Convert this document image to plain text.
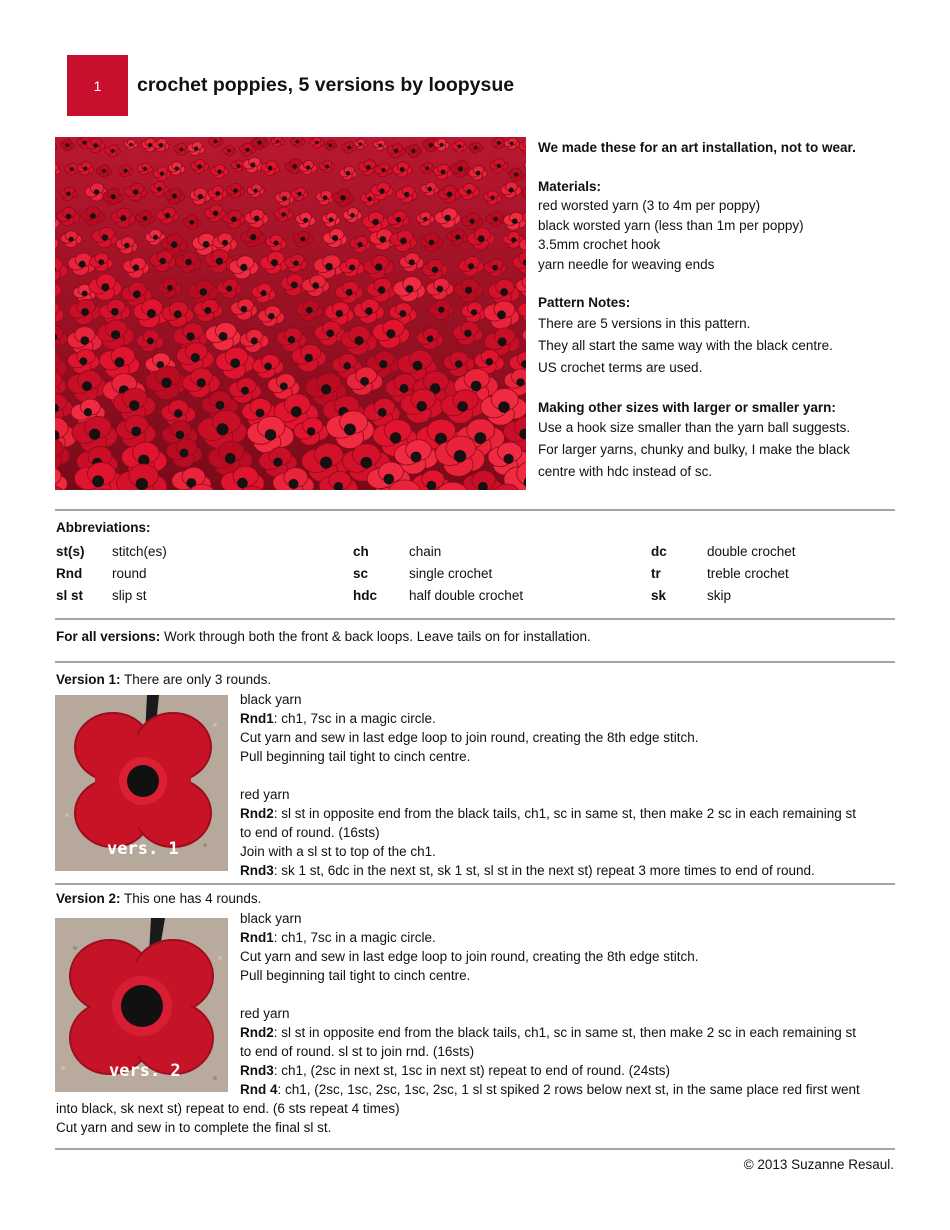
1 crochet poppies, 5 versions by loopysue

We made these for an art installation, not to wear.

Materials:

red worsted yarn (3 to 4m per poppy)

black worsted yarn (less than 1m per poppy)

3.5mm crochet hook

yarn needle for weaving ends

Pattern Notes:

There are 5 versions in this pattern.

They all start the same way with the black centre.

US crochet terms are used.

Making other sizes with larger or smaller yarn:

Use a hook size smaller than the yarn ball suggests.

For larger yarns, chunky and bulky, I make the black

centre with hdc instead of sc.

Abbreviations:
st(s)
Rnd
sl st
stitch(es)
round
slip st
ch
sc
hdc
chain
single crochet
half double crochet
dc
tr
sk
double crochet
treble crochet
skip
For all versions: Work through both the front & back loops. Leave tails on for installation.
Version 1: There are only 3 rounds.
vers. 1

black yarn

Rnd1: ch1, 7sc in a magic circle.

Cut yarn and sew in last edge loop to join round, creating the 8th edge stitch.

Pull beginning tail tight to cinch centre.

red yarn

Rnd2: sl st in opposite end from the black tails, ch1, sc in same st, then make 2 sc in each remaining st

to end of round. (16sts)

Join with a sl st to top of the ch1.

Rnd3: sk 1 st, 6dc in the next st, sk 1 st, sl st in the next st) repeat 3 more times to end of round.

Version 2: This one has 4 rounds.
vers. 2

black yarn

Rnd1: ch1, 7sc in a magic circle.

Cut yarn and sew in last edge loop to join round, creating the 8th edge stitch.

Pull beginning tail tight to cinch centre.

red yarn

Rnd2: sl st in opposite end from the black tails, ch1, sc in same st, then make 2 sc in each remaining st

to end of round. sl st to join rnd. (16sts)

Rnd3: ch1, (2sc in next st, 1sc in next st) repeat to end of round. (24sts)

Rnd 4: ch1, (2sc, 1sc, 2sc, 1sc, 2sc, 1 sl st spiked 2 rows below next st, in the same place red first went

into black, sk next st) repeat to end. (6 sts repeat 4 times)
Cut yarn and sew in to complete the final sl st.
© 2013 Suzanne Resaul.
